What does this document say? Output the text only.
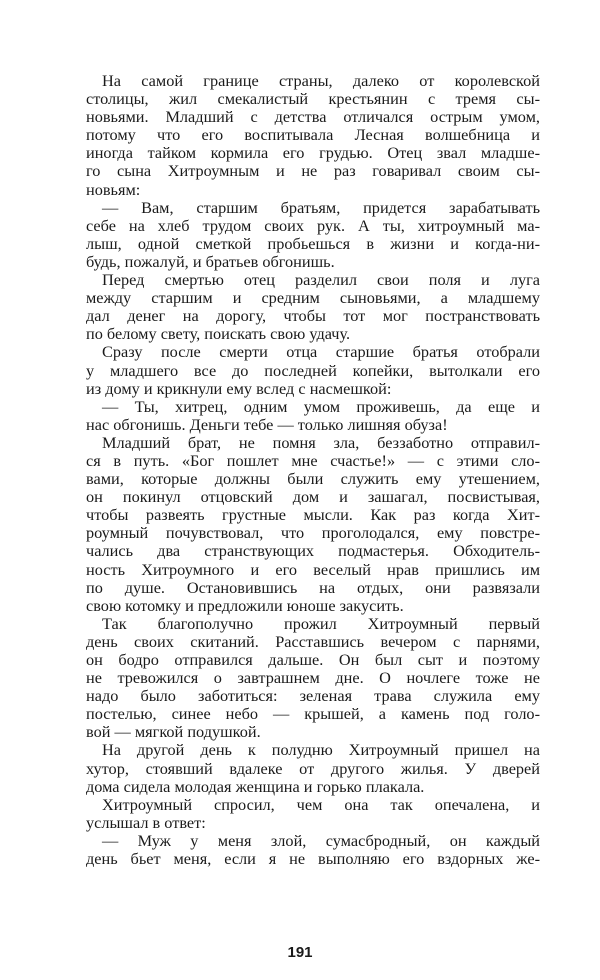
На самой границе страны, далеко от королевской
столицы, жил смекалистый крестьянин с тремя сы-
новьями. Младший с детства отличался острым умом,
потому что его воспитывала Лесная волшебница и
иногда тайком кормила его грудью. Отец звал младше-
го сына Хитроумным и не раз говаривал своим сы-
новьям:
— Вам, старшим братьям, придется зарабатывать
себе на хлеб трудом своих рук. А ты, хитроумный ма-
лыш, одной сметкой пробьешься в жизни и когда-ни-
будь, пожалуй, и братьев обгонишь.
Перед смертью отец разделил свои поля и луга
между старшим и средним сыновьями, а младшему
дал денег на дорогу, чтобы тот мог постранствовать
по белому свету, поискать свою удачу.
Сразу после смерти отца старшие братья отобрали
у младшего все до последней копейки, вытолкали его
из дому и крикнули ему вслед с насмешкой:
— Ты, хитрец, одним умом проживешь, да еще и
нас обгонишь. Деньги тебе — только лишняя обуза!
Младший брат, не помня зла, беззаботно отправил-
ся в путь. «Бог пошлет мне счастье!» — с этими сло-
вами, которые должны были служить ему утешением,
он покинул отцовский дом и зашагал, посвистывая,
чтобы развеять грустные мысли. Как раз когда Хит-
роумный почувствовал, что проголодался, ему повстре-
чались два странствующих подмастерья. Обходитель-
ность Хитроумного и его веселый нрав пришлись им
по душе. Остановившись на отдых, они развязали
свою котомку и предложили юноше закусить.
Так благополучно прожил Хитроумный первый
день своих скитаний. Расставшись вечером с парнями,
он бодро отправился дальше. Он был сыт и поэтому
не тревожился о завтрашнем дне. О ночлеге тоже не
надо было заботиться: зеленая трава служила ему
постелью, синее небо — крышей, а камень под голо-
вой — мягкой подушкой.
На другой день к полудню Хитроумный пришел на
хутор, стоявший вдалеке от другого жилья. У дверей
дома сидела молодая женщина и горько плакала.
Хитроумный спросил, чем она так опечалена, и
услышал в ответ:
— Муж у меня злой, сумасбродный, он каждый
день бьет меня, если я не выполняю его вздорных же-
191
